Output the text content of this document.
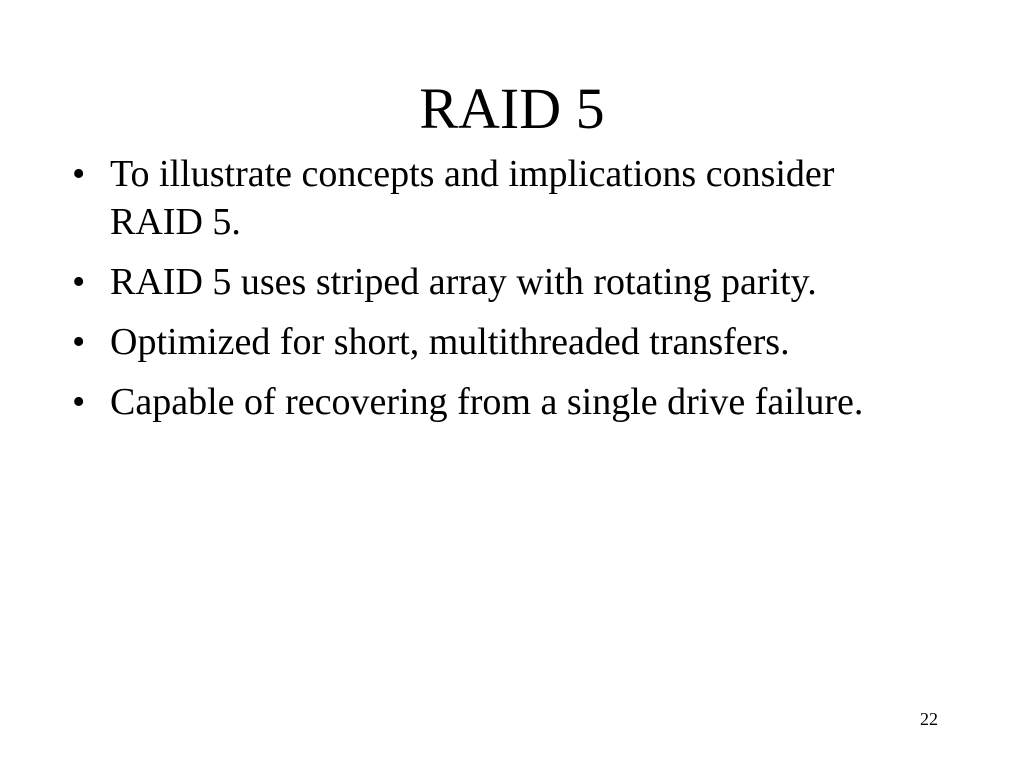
RAID 5
• To illustrate concepts and implications consider RAID 5.
• RAID 5 uses striped array with rotating parity.
• Optimized for short, multithreaded transfers.
• Capable of recovering from a single drive failure.
22
